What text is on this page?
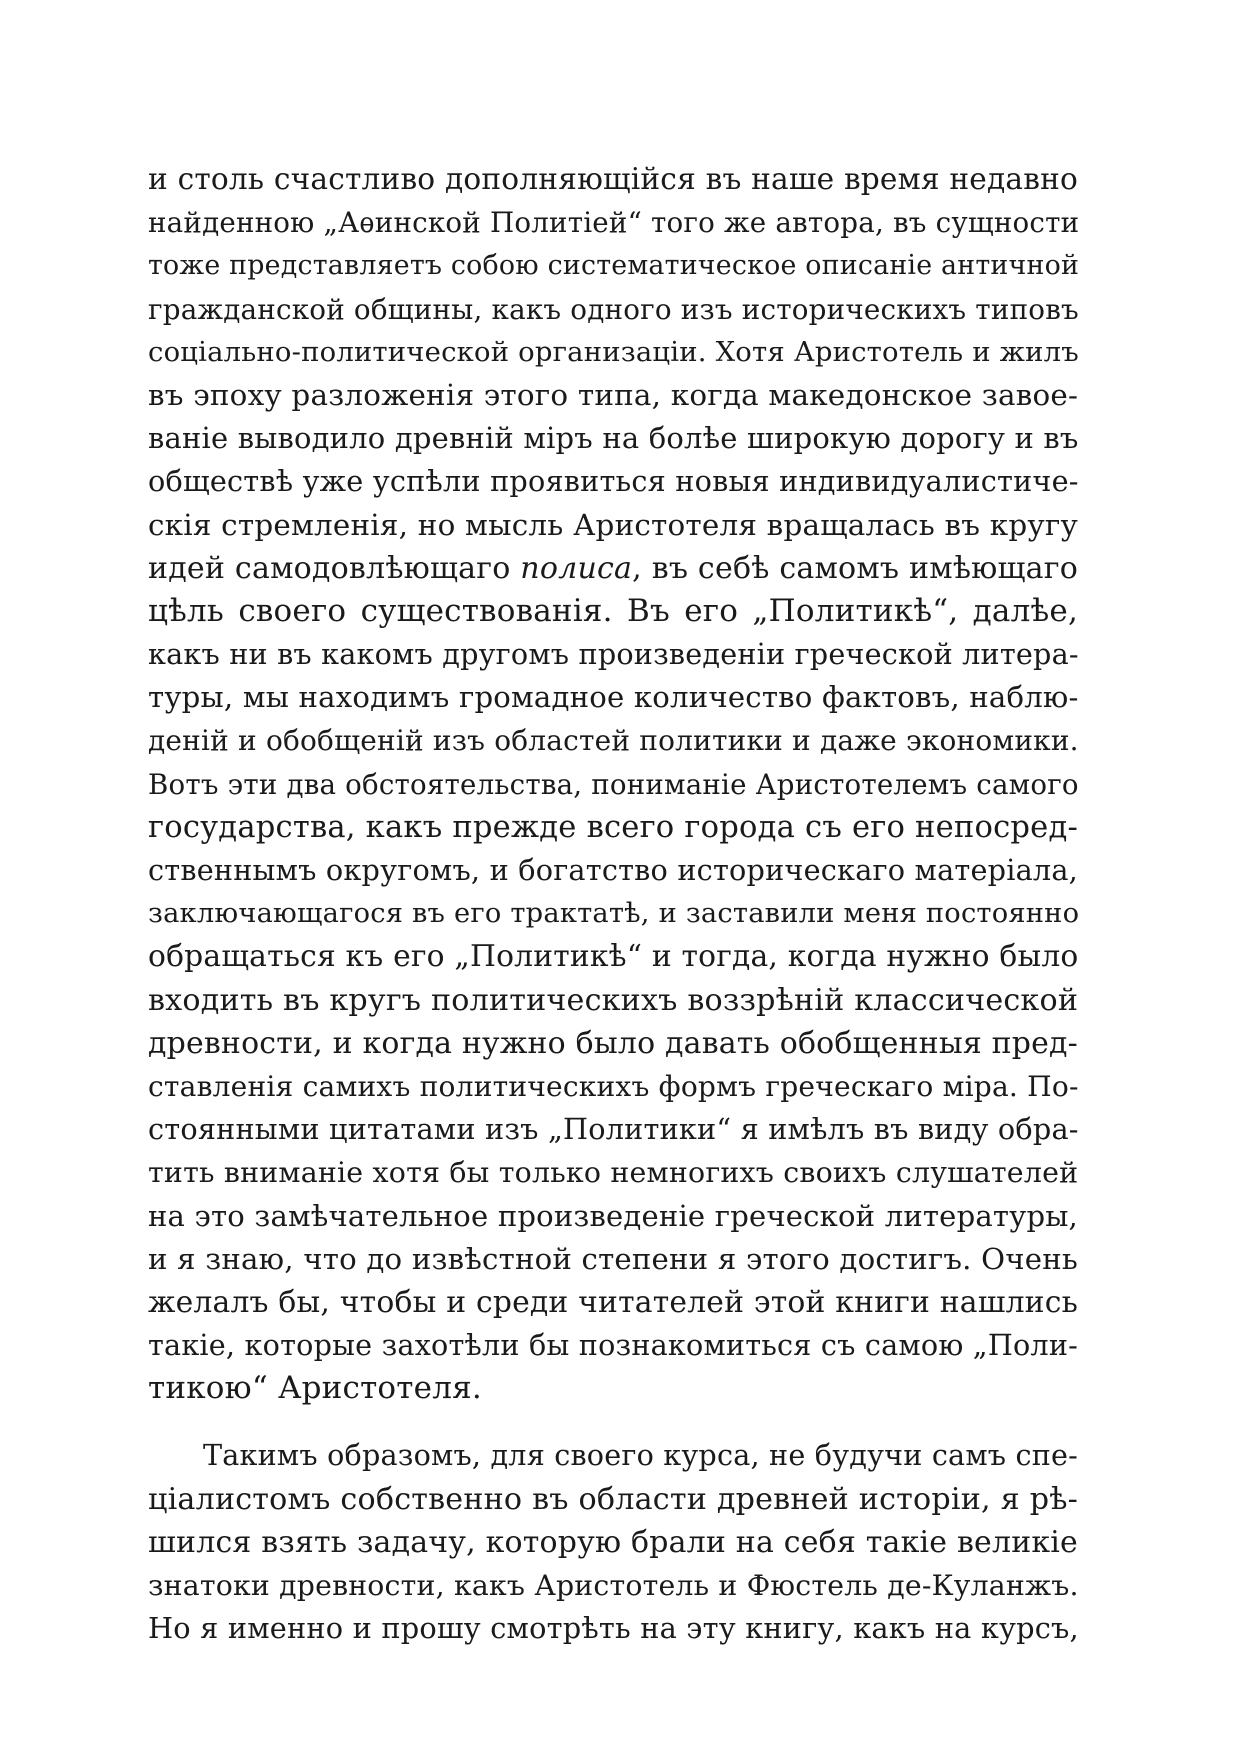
и столь счастливо дополняющійся въ наше время недавно
найденною „Аѳинской Политіей“ того же автора, въ сущности
тоже представляетъ собою систематическое описаніе античной
гражданской общины, какъ одного изъ историческихъ типовъ
соціально-политической организаціи. Хотя Аристотель и жилъ
въ эпоху разложенія этого типа, когда македонское завое-
ваніе выводило древній міръ на болѣе широкую дорогу и въ
обществѣ уже успѣли проявиться новыя индивидуалистиче-
скія стремленія, но мысль Аристотеля вращалась въ кругу
идей самодовлѣющаго полиса, въ себѣ самомъ имѣющаго
цѣль своего существованія. Въ его „Политикѣ“, далѣе,
какъ ни въ какомъ другомъ произведеніи греческой литера-
туры, мы находимъ громадное количество фактовъ, наблю-
деній и обобщеній изъ областей политики и даже экономики.
Вотъ эти два обстоятельства, пониманіе Аристотелемъ самого
государства, какъ прежде всего города съ его непосред-
ственнымъ округомъ, и богатство историческаго матеріала,
заключающагося въ его трактатѣ, и заставили меня постоянно
обращаться къ его „Политикѣ“ и тогда, когда нужно было
входить въ кругъ политическихъ воззрѣній классической
древности, и когда нужно было давать обобщенныя пред-
ставленія самихъ политическихъ формъ греческаго міра. По-
стоянными цитатами изъ „Политики“ я имѣлъ въ виду обра-
тить вниманіе хотя бы только немногихъ своихъ слушателей
на это замѣчательное произведеніе греческой литературы,
и я знаю, что до извѣстной степени я этого достигъ. Очень
желалъ бы, чтобы и среди читателей этой книги нашлись
такіе, которые захотѣли бы познакомиться съ самою „Поли-
тикою“ Аристотеля.
Такимъ образомъ, для своего курса, не будучи самъ спе-
ціалистомъ собственно въ области древней исторіи, я рѣ-
шился взять задачу, которую брали на себя такіе великіе
знатоки древности, какъ Аристотель и Фюстель де-Куланжъ.
Но я именно и прошу смотрѣть на эту книгу, какъ на курсъ,
